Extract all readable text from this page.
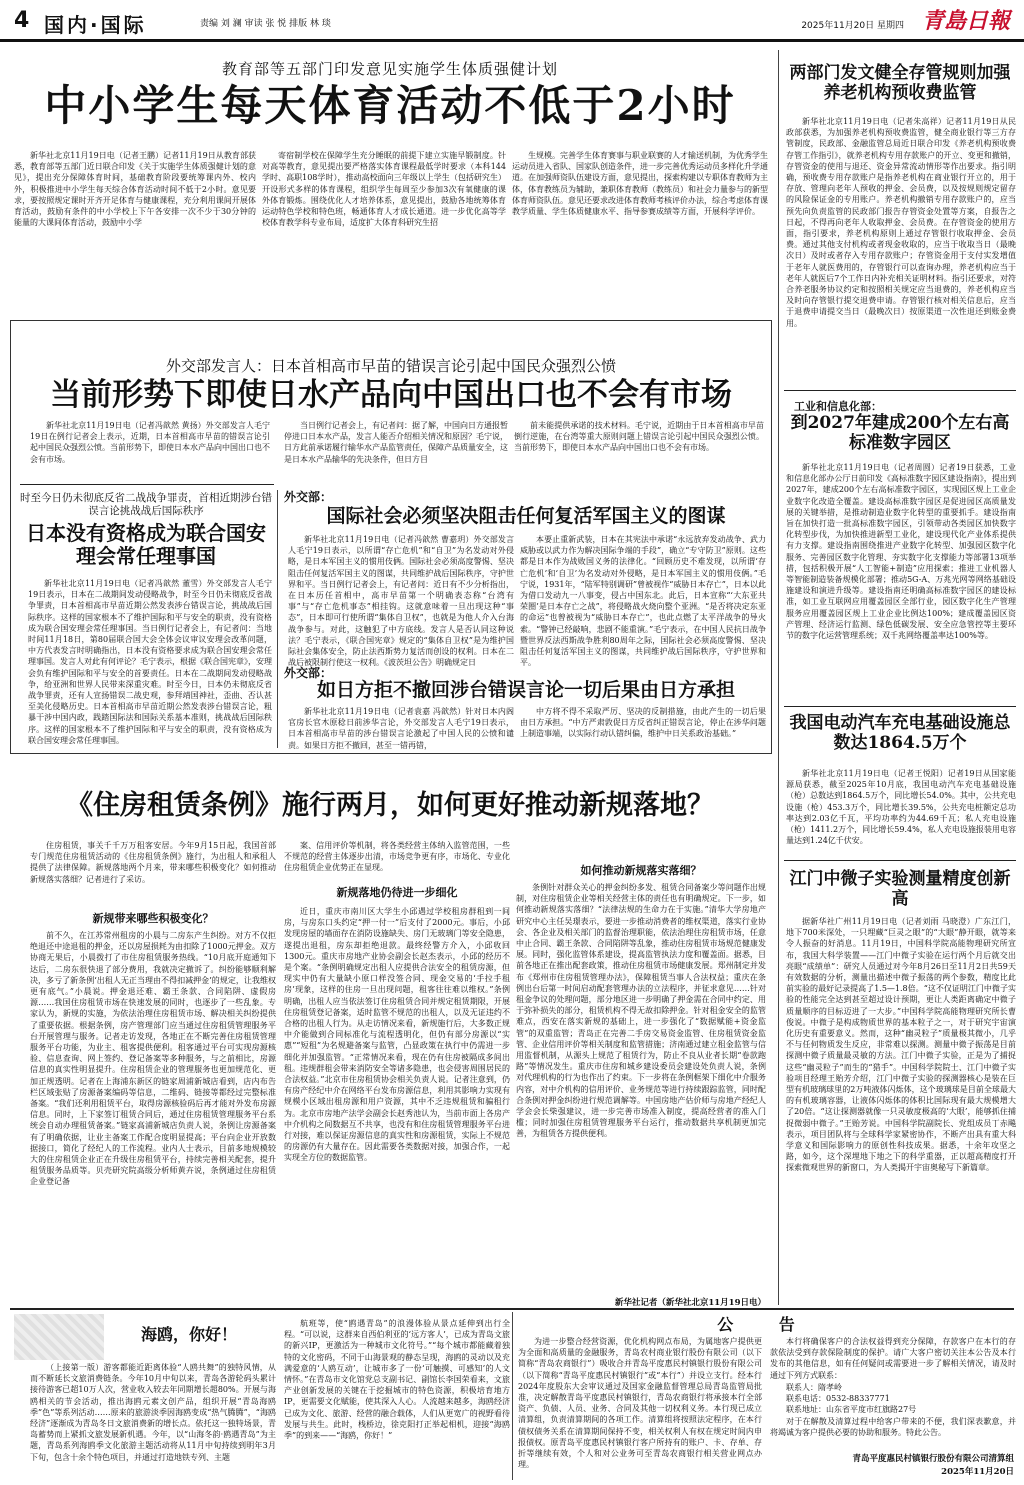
4 国内·国际	责编 刘 澜 审读 张 悦 排版 林 琰	2025年11月20日 星期四 青島日報
教育部等五部门印发意见实施学生体质强健计划
中小学生每天体育活动不低于2小时
新华社北京11月19日电（记者王鹏）记者11月19日从教育部获悉，教育部等五部门近日联合印发《关于实施学生体质强健计划的意见》，提出充分保障体育时间，基础教育阶段要统筹课内外、校内外，积极推进中小学生每天综合体育活动时间不低于2小时。意见要求，要按照规定课时开齐开足体育与健康课程，充分利用课间开展体育活动，鼓励有条件的中小学校上下午各安排一次不少于30分钟的能量的大课间体育活动，鼓励中小学
寄宿制学校在保障学生充分睡眠的前提下建立实施早锻制度。针对高等教育，意见提出要严格落实体育课程最低学时要求（本科144学时、高职108学时），推动高校面向三年级以上学生（包括研究生）开设形式多样的体育课程，组织学生每周至少参加3次有氧健康的课外体育锻炼。围绕优化人才培养体系，意见提出，鼓励各地统筹体育运动特色学校和特色班，畅通体育人才成长通道。进一步优化高等学校体育教学科专业布局，适度扩大体育科研究生招
生规模。完善学生体育赛事与职业联赛的人才输送机制，为优秀学生运动员进入省队、国家队创造条件，进一步完善优秀运动员多样化升学通道。在加强师资队伍建设方面，意见提出，探索构建以专职体育教师为主体，体育教练员为辅助，兼职体育教师（教练员）和社会力量参与的新型体育师资队伍。意见还要求改进体育教师考核评价办法，综合考虑体育课教学质量、学生体质健康水平、指导参赛成绩等方面，开展科学评价。
外交部发言人：日本首相高市早苗的错误言论引起中国民众强烈公愤
当前形势下即使日水产品向中国出口也不会有市场
新华社北京11月19日电（记者冯歆然 黄扬）外交部发言人毛宁19日在例行记者会上表示，近期，日本首相高市早苗的错误言论引起中国民众强烈公愤。当前形势下，即使日本水产品向中国出口也不会有市场。
当日例行记者会上，有记者问：据了解，中国向日方通报暂停进口日本水产品，发言人能否介绍相关情况和原因？毛宁说，日方此前承诺履行输华水产品监管责任，保障产品质量安全，这是日本水产品输华的先决条件，但日方目
前未能提供承诺的技术材料。毛宁说，近期由于日本首相高市早苗倒行逆施，在台湾等重大原则问题上错误言论引起中国民众强烈公愤。当前形势下，即使日本水产品向中国出口也不会有市场。
时至今日仍未彻底反省二战战争罪责，首相近期涉台错误言论挑战战后国际秩序
日本没有资格成为联合国安理会常任理事国
新华社北京11月19日电（记者冯歆然 董雪）外交部发言人毛宁19日表示，日本在二战期间发动侵略战争，时至今日仍未彻底反省战争罪责，日本首相高市早苗近期公然发表涉台错误言论，挑战战后国际秩序。这样的国家根本不了维护国际和平与安全的职责，没有资格成为联合国安理会常任理事国。当日例行记者会上，有记者问：当地时间11月18日，第80届联合国大会全体会议审议安理会改革问题，中方代表发言时明确指出，日本没有资格要求成为联合国安理会常任理事国。发言人对此有何评论？毛宁表示，根据《联合国宪章》，安理会负有维护国际和平与安全的首要责任。日本在二战期间发动侵略战争，给亚洲和世界人民带来深重灾难。时至今日，日本仍未彻底反省战争罪责，还有人宣扬错误二战史观，参拜靖国神社，歪曲、否认甚至美化侵略历史。日本首相高市早苗近期公然发表涉台错误言论，粗暴干涉中国内政，践踏国际法和国际关系基本准则，挑战战后国际秩序。这样的国家根本不了维护国际和平与安全的职责，没有资格成为联合国安理会常任理事国。
外交部：
国际社会必须坚决阻击任何复活军国主义的图谋
新华社北京11月19日电（记者冯歆然 曹嘉玥）外交部发言人毛宁19日表示，以所谓“存亡危机”和“自卫”为名发动对外侵略，是日本军国主义的惯用伎俩。国际社会必须高度警惕、坚决阻击任何复活军国主义的图谋，共同维护战后国际秩序，守护世界和平。当日例行记者会上，有记者问：近日有不少分析指出，在日本历任首相中，高市早苗第一个明确表态称“台湾有事”与“存亡危机事态”相挂钩。这就意味着一旦出现这种“事态”，日本即可行使所谓“集体自卫权”，也就是为他人介入台海战争参与。对此，这触犯了中方底线。发言人是否认同这种说法？毛宁表示，《联合国宪章》规定的“集体自卫权”是为维护国际社会集体安全，防止法西斯势力复活而创设的权利。日本在二战后被限制行使这一权利。《波茨坦公告》明确规定日
本要止重新武装，日本在其宪法中承诺“永远放弃发动战争、武力威胁或以武力作为解决国际争端的手段”，确立“专守防卫”原则。这些都是日本作为战败国义务的法律化。“回顾历史不难发现，以所谓‘存亡危机’和‘自卫’为名发动对外侵略，是日本军国主义的惯用伎俩。”毛宁说，1931年，“陆军特别调研”曾被视作“威胁日本存亡”，日本以此为借口发动九一八事变，侵占中国东北。此后，日本宣称“‘大东亚共荣圈’是日本存亡之战”，将侵略战火烧向整个亚洲。“是否将决定东亚的命运”也曾被视为“威胁日本存亡”，也此点燃了太平洋战争的导火索。“警钟已经敲响，悲剧不能重演。”毛宁表示，在中国人民抗日战争暨世界反法西斯战争胜利80周年之际，国际社会必须高度警惕、坚决阻击任何复活军国主义的图谋，共同维护战后国际秩序，守护世界和平。
外交部：
如日方拒不撤回涉台错误言论一切后果由日方承担
新华社北京11月19日电（记者袁嘉 冯歆然）针对日本内阁官房长官木原稔日前涉华言论，外交部发言人毛宁19日表示，日本首相高市早苗的涉台错误言论激起了中国人民的公愤和谴责。如果日方拒不撤回，甚至一错再错，
中方将不得不采取严厉、坚决的反制措施，由此产生的一切后果由日方承担。“中方严肃敦促日方反省纠正错误言论，停止在涉华问题上制造事端，以实际行动认错纠偏，维护中日关系政治基础。”
《住房租赁条例》施行两月，如何更好推动新规落地？
住房租赁，事关千千万万租客安居。今年9月15日起，我国首部专门规范住房租赁活动的《住房租赁条例》施行，为出租人和承租人提供了法律保障。新规落地两个月来，带来哪些积极变化？如何推动新规落实落细？记者进行了采访。
新规带来哪些积极变化？
前不久，在江苏常州租房的小晨与二房东产生纠纷。对方不仅拒绝退还中途退租的押金，还以房屋损耗为由扣除了1000元押金。双方协商无果后，小晨拨打了市住房租赁服务热线。“10月底开庭通知下达后，二房东很快退了部分费用，我就决定撤诉了。纠纷能够顺利解决，多亏了新条例‘出租人无正当理由不得扣减押金’的规定，让我维权更有底气。”小晨说。押金退还难、霸王条款、合同陷阱、虚假房源……我国住房租赁市场在快速发展的同时，也逐步了一些乱象。专家认为，新规的实施，为依法治理住房租赁市场、解决相关纠纷提供了重要依据。根据条例，房产管理部门应当通过住房租赁管理服务平台开展管理与服务。记者走访发现，各地正在不断完善住房租赁管理服务平台功能，为业主、租客提供便利。租客通过平台可实现房源核验、信息查询、网上签约、登记备案等多种服务，与之前相比，房源信息的真实性明显提升。住房租赁企业的管理服务也更加规范化、更加正规透明。记者在上海浦东新区的链家周浦新城店看到，店内布告栏区域张贴了房源备案编码等信息，二维码、链接等都经过完整标准备案。“我们还利用租赁平台，取得房源核验码后再才能对外发布房源信息。同时，上下家签订租赁合同后，通过住房租赁管理服务平台系统会自动办理租赁备案。”链家高浦新城店负责人说，条例让房源备案有了明确依据，让业主备案工作配合度明显提高；平台向企业开放数据接口，简化了经纪人的工作流程。业内人士表示，目前多地规模较大的住房租赁企业正在升级住房租赁平台，持续完善相关配套，提升租赁服务品质等。贝壳研究院高级分析师黄卉说，条例通过住房租赁企业登记备
案、信用评价等机制，将各类经营主体纳入监管范围，一些不规范的经营主体逐步出清，市场竞争更有序，市场化、专业化住房租赁企业优势正在显现。
新规落地仍待进一步细化
近日，重庆市南川区大学生小邱遇过学校租房群租到一间房，与房东口头约定“押一付一”后支付了2000元。事后，小邱发现房屋的墙面存在消防设施缺失、房门无玻璃门等安全隐患，遂提出退租，房东却拒绝退款。最终经警方介入，小邱收回1300元。重庆市房地产业协会副会长赵杰表示，小邱的经历不是个案。“条例明确规定出租人应提供合法安全的租赁房源，但现实中仍有大量缺小原口样没签合同、现金交易的‘手拉手租房’现象，这样的住房一旦出现问题，租客往往难以维权。”条例明确，出租人应当依法签订住房租赁合同并规定租赁期限，开展住房租赁登记备案，适时监管不规范的出租人，以及无证违约不合格的出租人行为。从走访情况来看，新规施行后，大多数正规中介能做到合同标准化与流程透明化，但仍有部分房源以“实惠”“短租”为名规避备案与监管，凸显政策在执行中仍需进一步细化并加强监管。“正常情况来看，现在仍有住房被隔成多间出租。违规群租会带来消防安全等诸多隐患，也会侵害周围居民的合法权益。”北京市住房租赁协会相关负责人说。记者注意到，仍有房产经纪中介在网络平台发布房源信息，利用其影响力实现有规模小区域出租房源和用户资源，其中不乏违规租赁和骗租行为。北京市房地产法学会副会长赵秀池认为，当前市面上各房产中介机构之间数据互不共享，也没有和住房租赁管理服务平台进行对接，难以保证房源信息的真实性和房源租赁，实际上不规范的房源仍有大量存在。因此需要各类数据对接，加强合作，一起实现全方位的数据监管。
如何推动新规落实落细？
条例针对群众关心的押金纠纷多发、租赁合同备案少等问题作出规制，对住房租赁企业等相关经营主体的责任也有明确规定。下一步，如何推动新规落实落细？“法律法规的生命力在于实施。”清华大学房地产研究中心主任吴璟表示，要进一步推动消费者的维权渠道，落实行业协会、各企业及相关部门的监督治理职能，依法治理住房租赁市场，任意中止合同、霸王条款、合同陷阱等乱象，推动住房租赁市场规范健康发展。同时，强化监管体系建设，提高监管执法力度和覆盖面。据悉，目前各地正在推出配套政策，推动住房租赁市场健康发展。郑州制定并发布《郑州市住房租赁管理办法》，保障租赁当事人合法权益；重庆在条例出台后第一时间启动配套管理办法的立法程序，并征求意见……针对租金争议的处理问题，部分地区进一步明确了押金需在合同中约定、用于弥补损失的部分，租赁机构不得无故扣除押金。针对租金安全的监管难点，西安在落实新规的基础上，进一步强化了“数据赋能+资金监管”的双重监管；青岛正在完善二手房交易资金监管、住房租赁资金监管、企业信用评价等相关制度和监管措施；济南通过建立租金监管与信用监督机制，从源头上规范了租赁行为，防止不良从业者长期“卷款跑路”等情况发生。重庆市住房和城乡建设委员会建设处负责人说，条例对代理机构的行为也作出了约束。下一步将在条例框架下细化中介服务内容，对中介机构的信用评价、业务规范等进行持续跟踪监管，同时配合条例对押金纠纷进行规范调解等。中国房地产估价师与房地产经纪人学会会长柴强建议，进一步完善市场准入制度，提高经营者的准入门槛；同时加强住房租赁管理服务平台运行，推动数据共享机制更加完善，为租赁各方提供便利。
新华社记者（新华社北京11月19日电）
两部门发文健全存管规则加强养老机构预收费监管
新华社北京11月19日电（记者朱高祥）记者11月19日从民政部获悉，为加强养老机构预收费监管，健全商业银行等三方存管制度，民政部、金融监管总局近日联合印发《养老机构预收费存管工作指引》，就养老机构专用存款账户的开立、变更和撤销，存管资金的使用与退还、资金异常流动情形等作出要求。指引明确，预收费专用存款账户是指养老机构在商业银行开立的，用于存放、管理向老年人预收的押金、会员费，以及按规则规定留存的风险保证金的专用账户。养老机构撤销专用存款账户的，应当预先向负责监管的民政部门报告存管资金处置等方案，自报告之日起，不得再向老年人收取押金、会员费。在存管资金的使用方面，指引要求，养老机构原则上通过存管银行收取押金、会员费。通过其他支付机构或者现金收取的，应当于收取当日（最晚次日）及时或者存入专用存款账户；存管资金用于支付实发增值于老年人就医费用的，存管银行可以查询办理，养老机构应当于老年人就医后7个工作日内补充相关证明材料。指引还要求，对符合养老服务协议约定和按照相关规定应当退费的，养老机构应当及时向存管银行提交退费申请。存管银行核对相关信息后，应当于退费申请提交当日（最晚次日）按原渠道一次性退还到账金费用。
工业和信息化部：
到2027年建成200个左右高标准数字园区
新华社北京11月19日电（记者周圆）记者19日获悉，工业和信息化部办公厅日前印发《高标准数字园区建设指南》，提出到2027年，建成200个左右高标准数字园区，实现园区规上工业企业数字化改造全覆盖。建设高标准数字园区是促进园区高质量发展的关键举措，是推动制造业数字化转型的重要抓手。建设指南旨在加快打造一批高标准数字园区，引领带动各类园区加快数字化转型步伐，为加快推进新型工业化，建设现代化产业体系提供有力支撑。建设指南围绕推进产业数字化转型、加强园区数字化服务、完善园区数字化管理、夯实数字化支撑能力等部署13项举措，包括积极开展“人工智能+制造”应用探索；推进工业机器人等智能制造装备规模化部署；推动5G-A、万兆光网等网络基础设施建设和演进升级等。建设指南还明确高标准数字园区的建设标准，如工业互联网应用覆盖园区全部行业，园区数字化生产管理服务应用覆盖园区规上工业企业比例达100%；建成覆盖园区资产管理、经济运行监测、绿色低碳发展、安全应急管控等主要环节的数字化运营管理系统；双千兆网络覆盖率达100%等。
我国电动汽车充电基础设施总数达1864.5万个
新华社北京11月19日电（记者王悦阳）记者19日从国家能源局获悉，截至2025年10月底，我国电动汽车充电基础设施（枪）总数达到1864.5万个，同比增长54.0%。其中，公共充电设施（枪）453.3万个，同比增长39.5%，公共充电桩额定总功率达到2.03亿千瓦，平均功率约为44.69千瓦；私人充电设施（枪）1411.2万个，同比增长59.4%，私人充电设施报装用电容量达到1.24亿千伏安。
江门中微子实验测量精度创新高
据新华社广州11月19日电（记者刘雨 马晓澄）广东江门，地下700米深处，一只埋藏“巨灵之眼”的“大眼”静开眼，就等来令人振奋的好消息。11月19日，中国科学院高能物理研究所宣布，我国大科学装置——江门中微子实验在运行两个月后就交出亮眼“成绩单”：研究人员通过对今年8月26日至11月2日共59天有效数据的分析，测量出描述中微子振荡的两个参数，精度比此前实验的最好记录提高了1.5—1.8倍。“这不仅证明江门中微子实验的性能完全达到甚至超过设计预期，更让人类距离确定中微子质量顺序的目标迈进了一大步。”中国科学院高能物理研究所长曹俊说。中微子是构成物质世界的基本粒子之一，对于研究宇宙演化历史有重要意义。然而，这种“幽灵粒子”质量极其微小，几乎不与任何物质发生反应，非常难以探测。测量中微子振荡是目前探测中微子质量最灵敏的方法。江门中微子实验，正是为了捕捉这些“幽灵粒子”而生的“猎手”。中国科学院院士、江门中微子实验项目经理王贻芳介绍，江门中微子实验的探测器核心是装在巨型有机玻璃球里的2万吨液体闪烁体，这个玻璃球是目前全球最大的有机玻璃容器，让液体闪烁体的体积比国际现有最大规模增大了20倍。“这让探测器就像一只灵敏度极高的‘大眼’，能够抓住捕捉微弱中微子。”王贻芳说。中国科学院副院长、党组成员丁赤飚表示，项目团队将与全球科学家紧密协作，不断产出具有重大科学意义和国际影响力的原创性科技成果。据悉，十余年攻坚之路，如今，这个深埋地下地之下的科学重器，正以超高精度打开探索微观世界的新窗口，为人类揭开宇宙奥秘写下新篇章。
海鸥，你好！
（上接第一版）游客都能近距离体验“人鸥共舞”的独特风情，从而不断延长文旅消费链条。今年10月中旬以来，青岛各游轮码头累计接待游客已超10万人次，营业收入较去年同期增长超80%。开展与海鸥相关的节会活动，推出海鸥元素文创产品，组织开展“青岛海鸥季”色”等系列活动……原来的旅游淡季因海鸥变成“热气腾腾”，“海鸥经济”逐渐成为青岛冬日文旅消费新的增长点。依托这一独特场景，青岛蓄势而上紧抓文旅发展新机遇。今年，以“山海冬韵·鸥遇青岛”为主题，青岛系列海鸥季文化旅游主题活动将从11月中旬持续到明年3月下旬，包含十余个特色项目，并通过打造地铁专列、主题
航班等，使“鸥遇青岛”的浪漫体验从景点延伸到出行全程。“可以说，这群来自西伯利亚的‘远方客人’，已成为青岛文旅的新兴IP，更激活为一种城市文化符号。”“每个城市都能藏着独特的文化密码，不同于山海景观的静态呈现，海鸥的灵动以及充满爱意的‘人鸥互动’，让城市多了一份‘可触摸、可感知’的人文情怀。”在青岛市文化馆党总支副书记、副馆长李国荣看来，文旅产业创新发展的关键在于挖掘城市的特色资源，积极培育地方IP，更需要文化赋能，使其深入人心。人流越来越多，海鸥经济已成为文化、旅游、经营的融合载体，人们从更宽广的视野看待发展与共生。此时，栈桥边，徐克阳打正举起相机，迎接“海鸥季”的到来——“海鸥，你好！”
公 告
为进一步整合经营资源，优化机构网点布局，为属地客户提供更为全面和高质量的金融服务，青岛农村商业银行股份有限公司（以下简称“青岛农商银行”）吸收合并青岛平度惠民村镇银行股份有限公司（以下简称“青岛平度惠民村镇银行”或“本行”）并设立支行。经本行2024年度股东大会审议通过及国家金融监督管理总局青岛监管局批准，决定解散青岛平度惠民村镇银行，青岛农商银行将承接本行全部资产、负债、人员、业务、合同及其他一切权利义务。本行现已成立清算组，负责清算期间的各项工作。清算组将按照法定程序，在本行债权债务关系在清算期间保持不变，相关权利人有权在规定时间内申报债权。原青岛平度惠民村镇银行客户所持有的账户、卡、存单、存折等继续有效，个人和对公业务可至青岛农商银行相关营业网点办理。
本行将确保客户的合法权益得到充分保障，存款客户在本行的存款依法受到存款保险制度的保护。请广大客户密切关注本公告及本行发布的其他信息，如有任何疑问或需要进一步了解相关情况，请及时通过下列方式联系：
联系人：隋孝岭
联系电话：0532-88337771
联系地址：山东省平度市红旗路27号
对于在解散及清算过程中给客户带来的不便，我们深表歉意，并将竭诚为客户提供必要的协助和服务。特此公告。
青岛平度惠民村镇银行股份有限公司清算组
2025年11月20日
